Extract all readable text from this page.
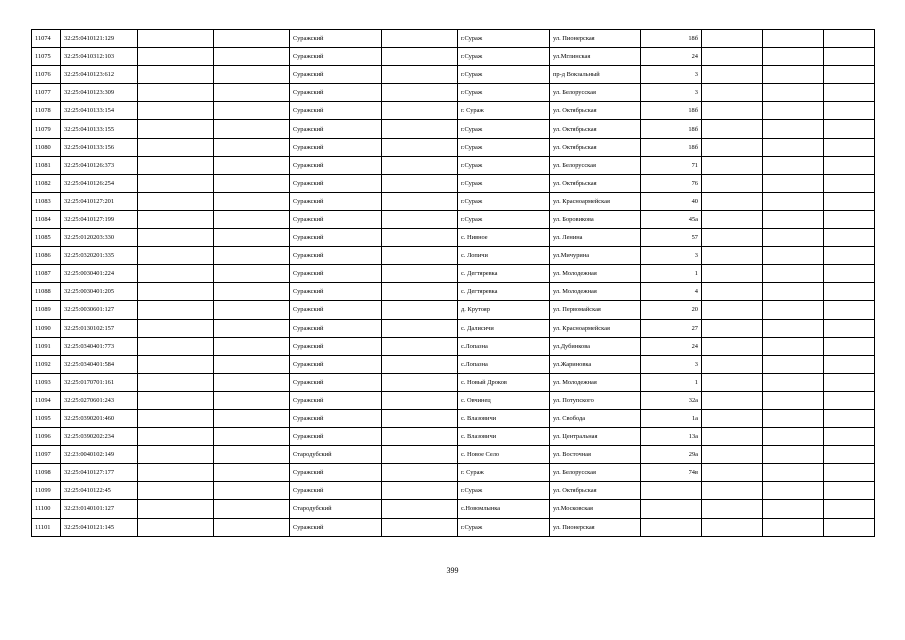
11074	32:25:0410121:129			Суражский		г.Сураж	ул. Пионерская	18б			
11075	32:25:0410312:103			Суражский		г.Сураж	ул.Мглинская	24			
11076	32:25:0410123:612			Суражский		г.Сураж	пр-д Вокзальный	3			
11077	32:25:0410123:309			Суражский		г.Сураж	ул. Белорусская	3			
11078	32:25:0410133:154			Суражский		г. Сураж	ул. Октябрьская	18б			
11079	32:25:0410133:155			Суражский		г.Сураж	ул. Октябрьская	18б			
11080	32:25:0410133:156			Суражский		г.Сураж	ул. Октябрьская	18б			
11081	32:25:0410126:373			Суражский		г.Сураж	ул. Белорусская	71			
11082	32:25:0410126:254			Суражский		г.Сураж	ул. Октябрьская	76			
11083	32:25:0410127:201			Суражский		г.Сураж	ул. Красноармейская	40			
11084	32:25:0410127:199			Суражский		г.Сураж	ул. Боровикова	45а			
11085	32:25:0120203:330			Суражский		с. Нивное	ул. Ленина	57			
11086	32:25:0320201:335			Суражский		с. Лопичи	ул.Мичурина	3			
11087	32:25:0030401:224			Суражский		с. Дегтяревка	ул. Молодежная	1			
11088	32:25:0030401:205			Суражский		с. Дегтяревка	ул. Молодежная	4			
11089	32:25:0030601:127			Суражский		д. Крутояр	ул. Первомайская	20			
11090	32:25:0130102:157			Суражский		с. Далисичи	ул. Красноармейская	27			
11091	32:25:0340401:773			Суражский		с.Лопазна	ул.Дубинкова	24			
11092	32:25:0340401:584			Суражский		с.Лопазна	ул.Жариновка	3			
11093	32:25:0170701:161			Суражский		с. Новый Дроков	ул. Молодежная	1			
11094	32:25:0270601:243			Суражский		с. Овчинец	ул. Потупского	32а			
11095	32:25:0390201:460			Суражский		с. Влазовичи	ул. Свобода	1а			
11096	32:25:0390202:234			Суражский		с. Влазовичи	ул. Центральная	13а			
11097	32:23:0040102:149			Стародубский		с. Новое Село	ул. Восточная	29а			
11098	32:25:0410127:177			Суражский		г. Сураж	ул. Белорусская	74в			
11099	32:25:0410122:45			Суражский		г.Сураж	ул. Октябрьская				
11100	32:23:0140101:127			Стародубский		с.Новомлынка	ул.Московская				
11101	32:25:0410121:145			Суражский		г.Сураж	ул. Пионерская				
399
